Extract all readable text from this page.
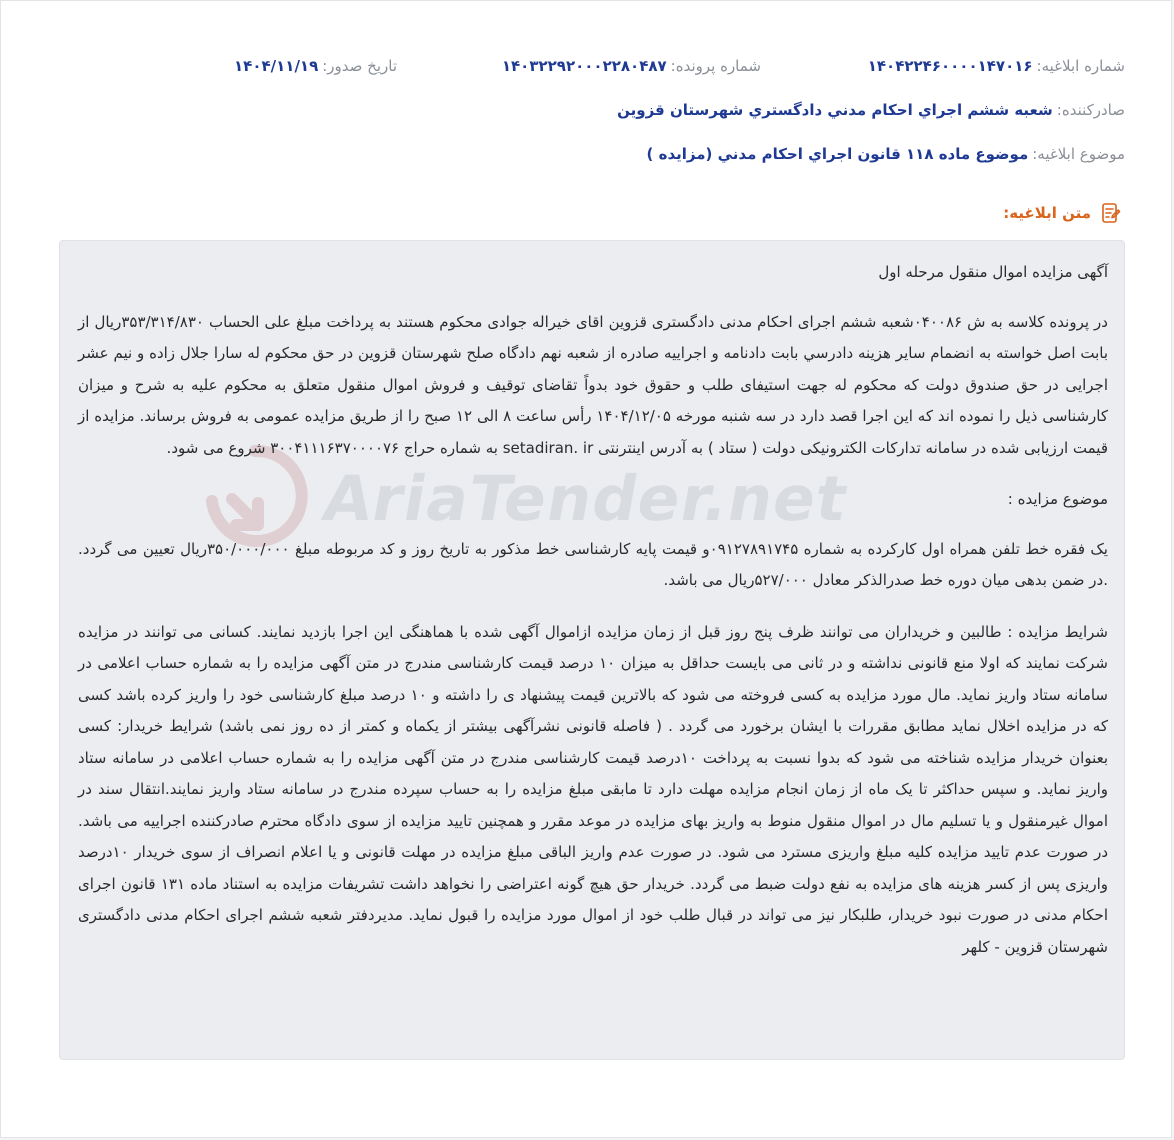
شماره ابلاغیه:۱۴۰۴۲۲۴۶۰۰۰۰۱۴۷۰۱۶
شماره پرونده:۱۴۰۳۲۲۹۲۰۰۰۲۲۸۰۴۸۷
تاریخ صدور:۱۴۰۴/۱۱/۱۹
صادرکننده:شعبه ششم اجراي احكام مدني دادگستري شهرستان قزوين
موضوع ابلاغیه:موضوع ماده ۱۱۸ قانون اجراي احكام مدني (مزايده )
متن ابلاغیه:
AriaTender.net

آگهی مزایده اموال منقول مرحله اول

در پرونده کلاسه به ش ۰۴۰۰۸۶شعبه ششم اجرای احکام مدنی دادگستری قزوین اقای خیراله جوادی محکوم هستند به پرداخت مبلغ علی الحساب ۳۵۳/۳۱۴/۸۳۰ریال از بابت اصل خواسته به انضمام ساير هزينه دادرسي بابت دادنامه و اجراییه صادره از شعبه نهم دادگاه صلح شهرستان قزوین در حق محکوم له سارا جلال زاده و نیم عشر اجرایی در حق صندوق دولت که محکوم له جهت استیفای طلب و حقوق خود بدواً تقاضای توقیف و فروش اموال منقول متعلق به محکوم علیه به شرح و میزان کارشناسی ذیل را نموده اند که این اجرا قصد دارد در سه شنبه مورخه ۱۴۰۴/۱۲/۰۵ رأس ساعت ۸ الی ۱۲ صبح را از طریق مزایده عمومی به فروش برساند. مزایده از قیمت ارزیابی شده در سامانه تدارکات الکترونیکی دولت ( ستاد ) به آدرس اینترنتی setadiran. ir به شماره حراج ۳۰۰۴۱۱۱۶۳۷۰۰۰۰۷۶ شروع می شود.

موضوع مزایده :

یک فقره خط تلفن همراه اول کارکرده به شماره ۰۹۱۲۷۸۹۱۷۴۵و قیمت پایه کارشناسی خط مذکور به تاریخ روز و کد مربوطه مبلغ ۳۵۰/۰۰۰/۰۰۰ریال تعیین می گردد. .در ضمن بدهی میان دوره خط صدرالذکر معادل ۵۲۷/۰۰۰ریال می باشد.

شرایط مزایده : طالبین و خریداران می توانند ظرف پنج روز قبل از زمان مزایده ازاموال آگهی شده با هماهنگی این اجرا بازدید نمایند. کسانی می توانند در مزایده شرکت نمایند که اولا منع قانونی نداشته و در ثانی می بایست حداقل به میزان ۱۰ درصد قیمت کارشناسی مندرج در متن آگهی مزایده را به شماره حساب اعلامی در سامانه ستاد واریز نماید. مال مورد مزایده به کسی فروخته می شود که بالاترین قیمت پیشنهاد ی را داشته و ۱۰ درصد مبلغ کارشناسی خود را واریز کرده باشد کسی که در مزایده اخلال نماید مطابق مقررات با ایشان برخورد می گردد . ( فاصله قانونی نشرآگهی بیشتر از یکماه و کمتر از ده روز نمی باشد) شرایط خریدار: کسی بعنوان خریدار مزایده شناخته می شود که بدوا نسبت به پرداخت ۱۰درصد قیمت کارشناسی مندرج در متن آگهی مزایده را به شماره حساب اعلامی در سامانه ستاد واریز نماید. و سپس حداکثر تا یک ماه از زمان انجام مزایده مهلت دارد تا مابقی مبلغ مزایده را به حساب سپرده مندرج در سامانه ستاد واریز نمایند.انتقال سند در اموال غیرمنقول و یا تسلیم مال در اموال منقول منوط به واریز بهای مزایده در موعد مقرر و همچنین تایید مزایده از سوی دادگاه محترم صادرکننده اجراییه می باشد. در صورت عدم تایید مزایده کلیه مبلغ واریزی مسترد می شود. در صورت عدم واریز الباقی مبلغ مزایده در مهلت قانونی و یا اعلام انصراف از سوی خریدار ۱۰درصد واریزی پس از کسر هزینه های مزایده به نفع دولت ضبط می گردد. خریدار حق هیچ گونه اعتراضی را نخواهد داشت تشریفات مزایده به استناد ماده ۱۳۱ قانون اجرای احکام مدنی در صورت نبود خریدار، طلبکار نیز می تواند در قبال طلب خود از اموال مورد مزایده را قبول نماید. مدیردفتر شعبه ششم اجرای احکام مدنی دادگستری شهرستان قزوین - کلهر
